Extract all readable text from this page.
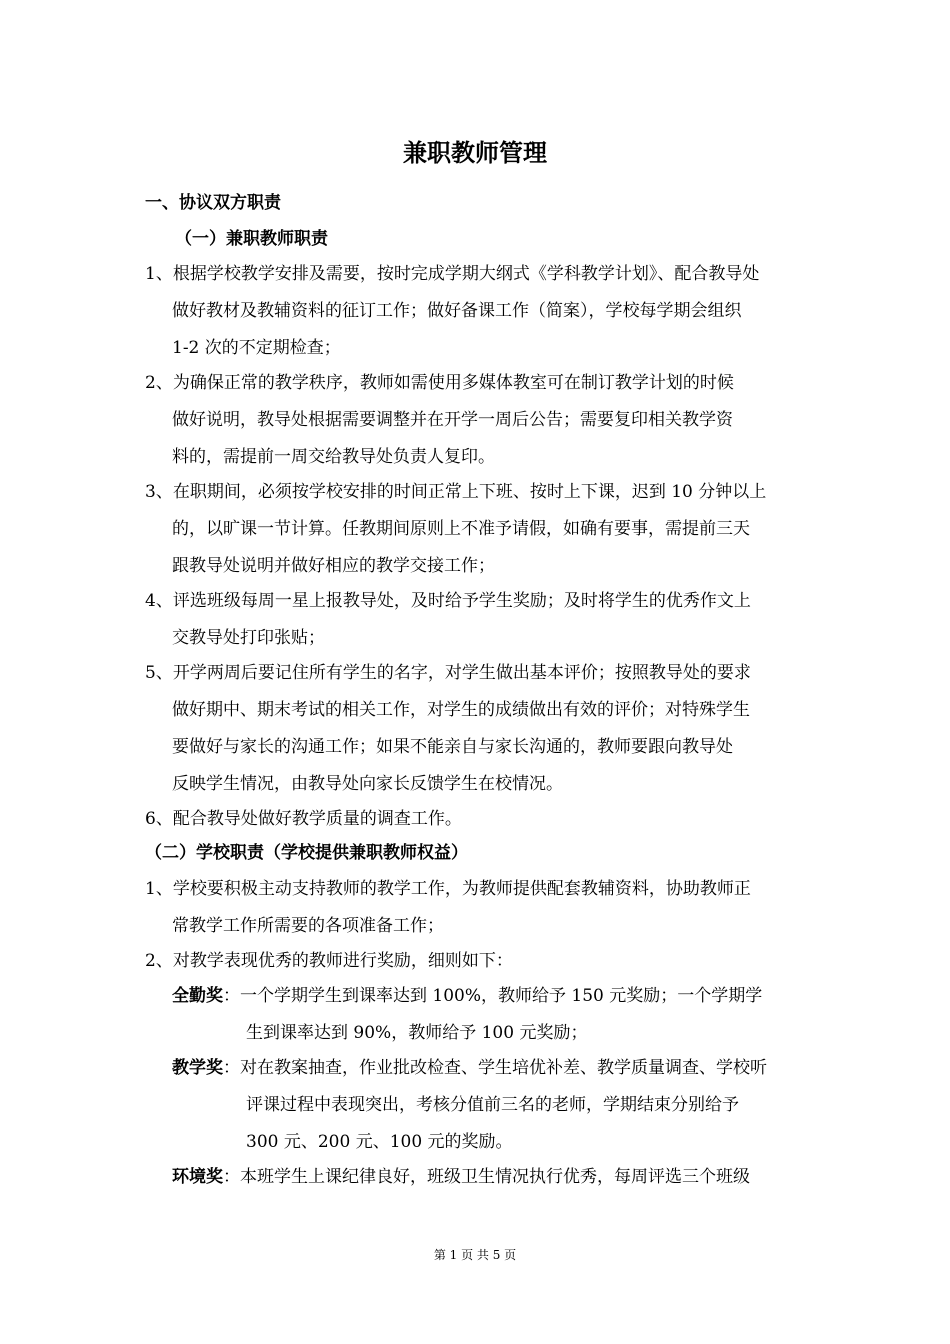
兼职教师管理
一、协议双方职责
（一）兼职教师职责
1、根据学校教学安排及需要，按时完成学期大纲式《学科教学计划》、配合教导处
做好教材及教辅资料的征订工作；做好备课工作（简案），学校每学期会组织
1-2 次的不定期检查；
2、为确保正常的教学秩序，教师如需使用多媒体教室可在制订教学计划的时候
做好说明，教导处根据需要调整并在开学一周后公告；需要复印相关教学资
料的，需提前一周交给教导处负责人复印。
3、在职期间，必须按学校安排的时间正常上下班、按时上下课，迟到 10 分钟以上
的，以旷课一节计算。任教期间原则上不准予请假，如确有要事，需提前三天
跟教导处说明并做好相应的教学交接工作；
4、评选班级每周一星上报教导处，及时给予学生奖励；及时将学生的优秀作文上
交教导处打印张贴；
5、开学两周后要记住所有学生的名字，对学生做出基本评价；按照教导处的要求
做好期中、期末考试的相关工作，对学生的成绩做出有效的评价；对特殊学生
要做好与家长的沟通工作；如果不能亲自与家长沟通的，教师要跟向教导处
反映学生情况，由教导处向家长反馈学生在校情况。
6、配合教导处做好教学质量的调查工作。
（二）学校职责（学校提供兼职教师权益）
1、学校要积极主动支持教师的教学工作，为教师提供配套教辅资料，协助教师正
常教学工作所需要的各项准备工作；
2、对教学表现优秀的教师进行奖励，细则如下：
全勤奖：一个学期学生到课率达到 100%，教师给予 150 元奖励；一个学期学
生到课率达到 90%，教师给予 100 元奖励；
教学奖：对在教案抽查，作业批改检查、学生培优补差、教学质量调查、学校听
评课过程中表现突出，考核分值前三名的老师，学期结束分别给予
300 元、200 元、100 元的奖励。
环境奖：本班学生上课纪律良好，班级卫生情况执行优秀，每周评选三个班级
第 1 页 共 5 页
